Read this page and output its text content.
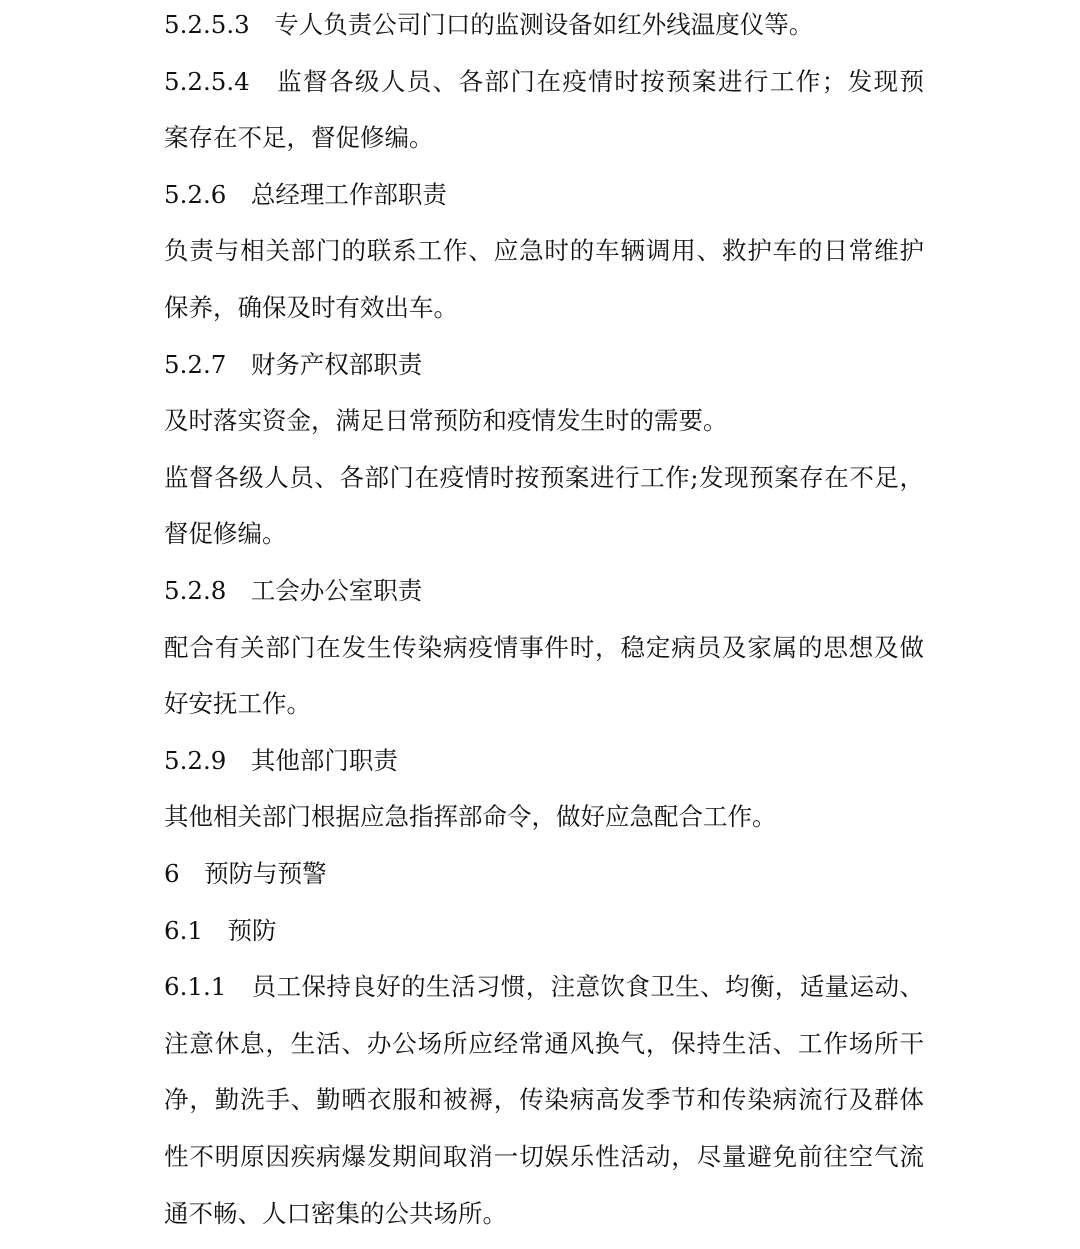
5.2.5.3　专人负责公司门口的监测设备如红外线温度仪等。
5.2.5.4　监督各级人员、各部门在疫情时按预案进行工作；发现预
案存在不足，督促修编。
5.2.6　总经理工作部职责
负责与相关部门的联系工作、应急时的车辆调用、救护车的日常维护
保养，确保及时有效出车。
5.2.7　财务产权部职责
及时落实资金，满足日常预防和疫情发生时的需要。
监督各级人员、各部门在疫情时按预案进行工作;发现预案存在不足，
督促修编。
5.2.8　工会办公室职责
配合有关部门在发生传染病疫情事件时，稳定病员及家属的思想及做
好安抚工作。
5.2.9　其他部门职责
其他相关部门根据应急指挥部命令，做好应急配合工作。
6　预防与预警
6.1　预防
6.1.1　员工保持良好的生活习惯，注意饮食卫生、均衡，适量运动、
注意休息，生活、办公场所应经常通风换气，保持生活、工作场所干
净，勤洗手、勤晒衣服和被褥，传染病高发季节和传染病流行及群体
性不明原因疾病爆发期间取消一切娱乐性活动，尽量避免前往空气流
通不畅、人口密集的公共场所。
